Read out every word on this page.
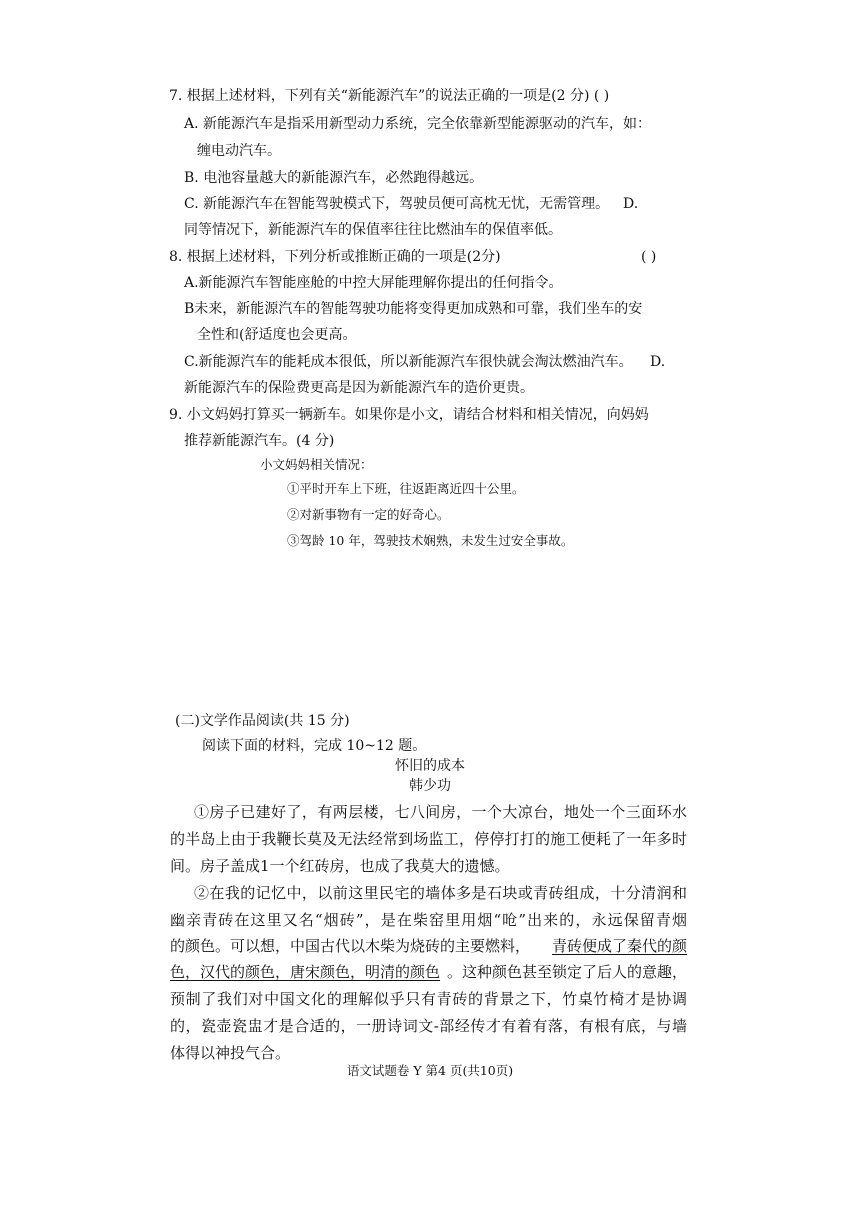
7. 根据上述材料，下列有关“新能源汽车”的说法正确的一项是(2 分) ( )
A. 新能源汽车是指采用新型动力系统，完全依靠新型能源驱动的汽车，如：
缠电动汽车。
B. 电池容量越大的新能源汽车，必然跑得越远。
C. 新能源汽车在智能驾驶模式下，驾驶员便可高枕无忧，无需管理。 D.
同等情况下，新能源汽车的保值率往往比燃油车的保值率低。
8. 根据上述材料，下列分析或推断正确的一项是(2分)	( )
A.新能源汽车智能座舱的中控大屏能理解你提出的任何指令。
B未来，新能源汽车的智能驾驶功能将变得更加成熟和可靠，我们坐车的安
全性和(舒适度也会更高。
C.新能源汽车的能耗成本很低，所以新能源汽车很快就会淘汰燃油汽车。 D.
新能源汽车的保险费更高是因为新能源汽车的造价更贵。
9. 小文妈妈打算买一辆新车。如果你是小文，请结合材料和相关情况，向妈妈
推荐新能源汽车。(4 分)
小文妈妈相关情况：
①平时开车上下班，往返距离近四十公里。
②对新事物有一定的好奇心。
③驾龄 10 年，驾驶技术娴熟，未发生过安全事故。
(二)文学作品阅读(共 15 分)
阅读下面的材料，完成 10~12 题。
怀旧的成本
韩少功
①房子已建好了，有两层楼，七八间房，一个大凉台，地处一个三面环水
的半岛上由于我鞭长莫及无法经常到场监工，停停打打的施工便耗了一年多时
间。房子盖成1一个红砖房，也成了我莫大的遗憾。
②在我的记忆中，以前这里民宅的墙体多是石块或青砖组成，十分清润和
幽亲青砖在这里又名“烟砖”，是在柴窑里用烟“呛”出来的，永远保留青烟
的颜色。可以想，中国古代以木柴为烧砖的主要燃料， 青砖便成了秦代的颜
色，汉代的颜色，唐宋颜色，明清的颜色 。这种颜色甚至锁定了后人的意趣，
预制了我们对中国文化的理解似乎只有青砖的背景之下，竹桌竹椅才是协调
的，瓷壶瓷盅才是合适的，一册诗词文-部经传才有着有落，有根有底，与墙
体得以神投气合。
语文试题卷 Y 第4 页(共10页)
